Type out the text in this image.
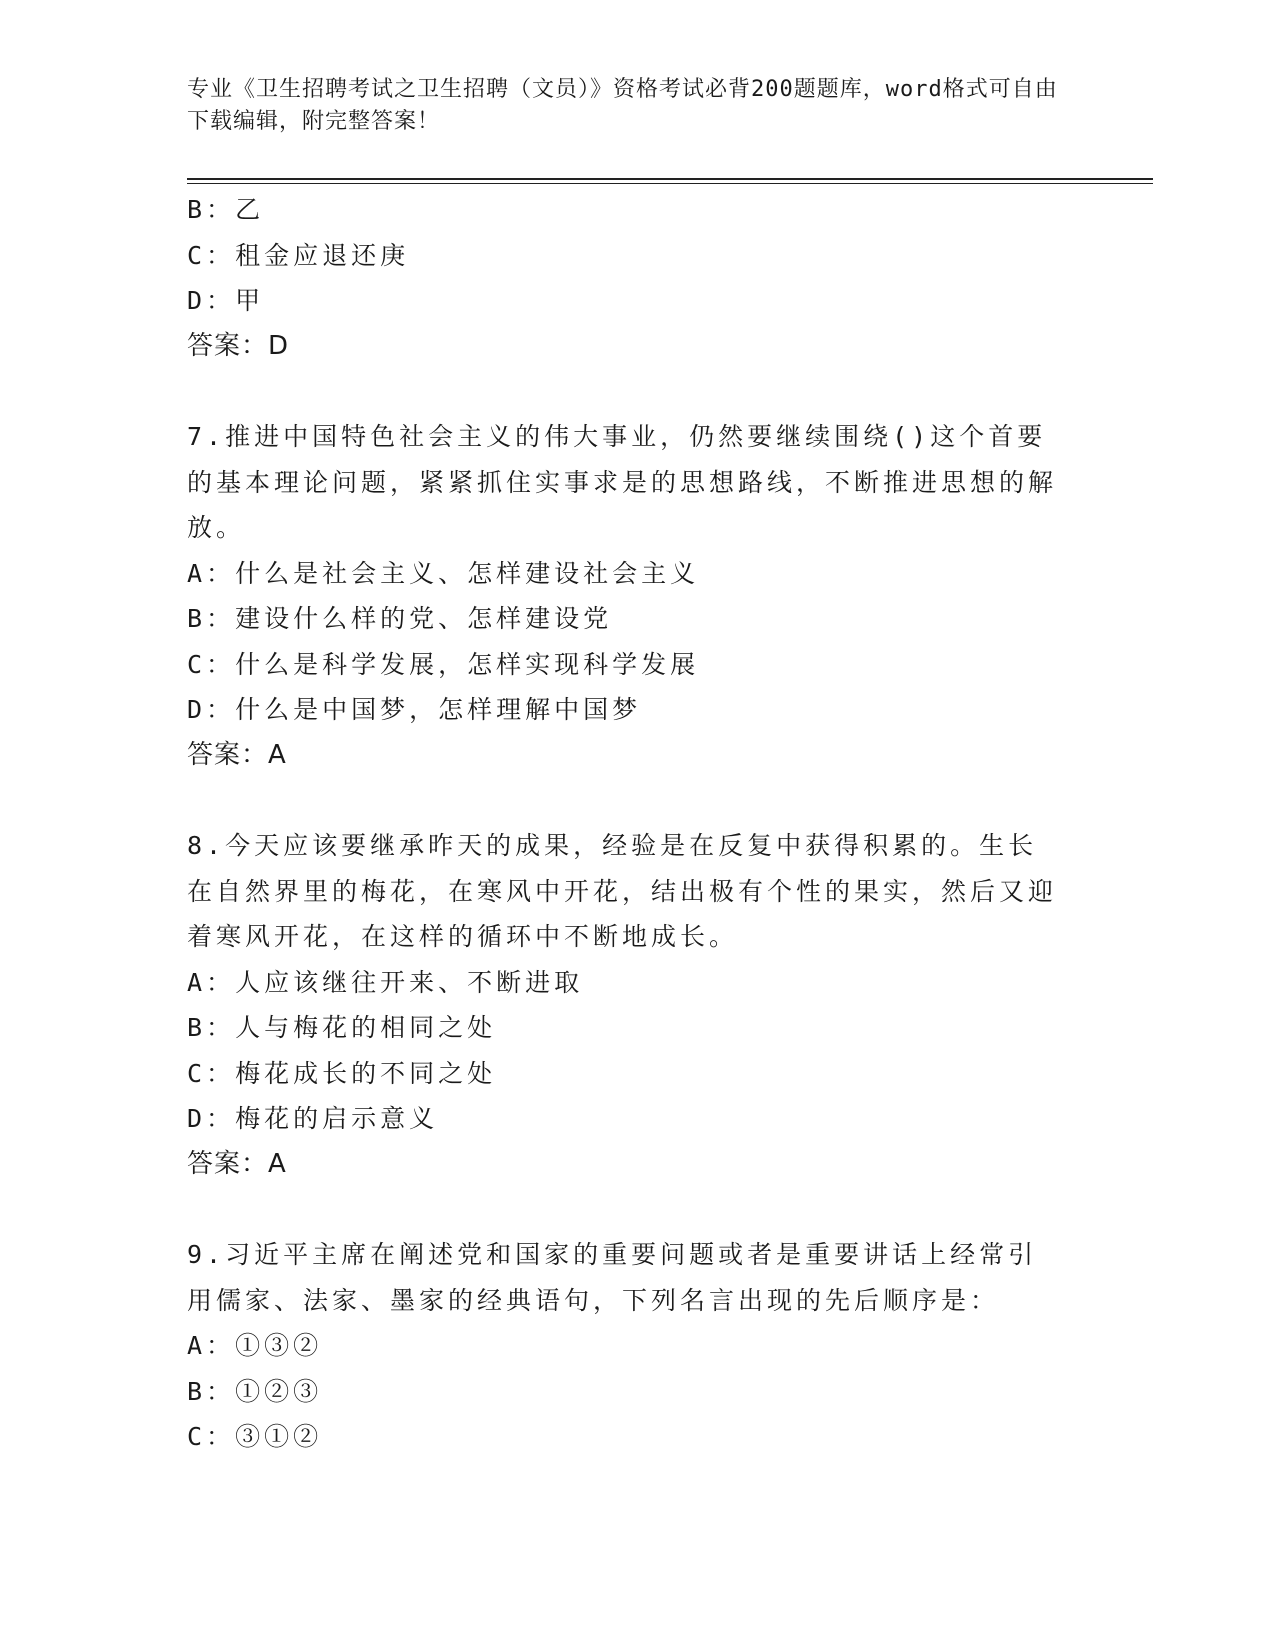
专业《卫生招聘考试之卫生招聘（文员）》资格考试必背200题题库，word格式可自由下载编辑，附完整答案！
B：乙
C：租金应退还庚
D：甲
答案：D
7.推进中国特色社会主义的伟大事业，仍然要继续围绕()这个首要的基本理论问题，紧紧抓住实事求是的思想路线，不断推进思想的解放。
A：什么是社会主义、怎样建设社会主义
B：建设什么样的党、怎样建设党
C：什么是科学发展，怎样实现科学发展
D：什么是中国梦，怎样理解中国梦
答案：A
8.今天应该要继承昨天的成果，经验是在反复中获得积累的。生长在自然界里的梅花，在寒风中开花，结出极有个性的果实，然后又迎着寒风开花，在这样的循环中不断地成长。
A：人应该继往开来、不断进取
B：人与梅花的相同之处
C：梅花成长的不同之处
D：梅花的启示意义
答案：A
9.习近平主席在阐述党和国家的重要问题或者是重要讲话上经常引用儒家、法家、墨家的经典语句，下列名言出现的先后顺序是：
A：①③②
B：①②③
C：③①②
